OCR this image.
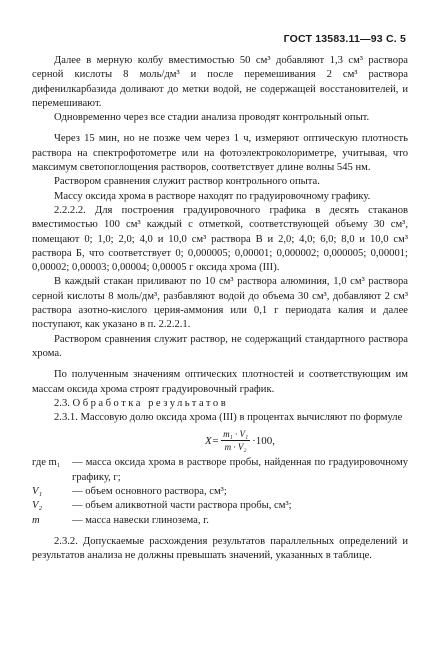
ГОСТ 13583.11—93 С. 5

Далее в мерную колбу вместимостью 50 см³ добавляют 1,3 см³ раствора серной кислоты 8 моль/дм³ и после перемешивания 2 см³ раствора дифенилкарбазида доливают до метки водой, не содержащей восстановителей, и перемешивают.

Одновременно через все стадии анализа проводят контрольный опыт.

Через 15 мин, но не позже чем через 1 ч, измеряют оптическую плотность раствора на спектрофотометре или на фотоэлектроколориметре, учитывая, что максимум светопоглощения растворов, соответствует длине волны 545 нм.

Раствором сравнения служит раствор контрольного опыта.

Массу оксида хрома в растворе находят по градуировочному графику.

2.2.2.2. Для построения градуировочного графика в десять стаканов вместимостью 100 см³ каждый с отметкой, соответствующей объему 30 см³, помещают 0; 1,0; 2,0; 4,0 и 10,0 см³ раствора В и 2,0; 4,0; 6,0; 8,0 и 10,0 см³ раствора Б, что соответствует 0; 0,000005; 0,00001; 0,000002; 0,000005; 0,00001; 0,00002; 0,00003; 0,00004; 0,00005 г оксида хрома (III).

В каждый стакан приливают по 10 см³ раствора алюминия, 1,0 см³ раствора серной кислоты 8 моль/дм³, разбавляют водой до объема 30 см³, добавляют 2 см³ раствора азотно-кислого церия-аммония или 0,1 г периодата калия и далее поступают, как указано в п. 2.2.2.1.

Раствором сравнения служит раствор, не содержащий стандартного раствора хрома.

По полученным значениям оптических плотностей и соответствующим им массам оксида хрома строят градуировочный график.

2.3. Обработка результатов

2.3.1. Массовую долю оксида хрома (III) в процентах вычисляют по формуле

$X= \frac{\text{m₁ · V₁}}{\text{m · V₂}} \cdot 100$,
где m₁	— масса оксида хрома в растворе пробы, найденная по градуировочному графику, г;
V₁	— объем основного раствора, см³;
V₂	— объем аликвотной части раствора пробы, см³;
m	— масса навески глинозема, г.

2.3.2. Допускаемые расхождения результатов параллельных определений и результатов анализа не должны превышать значений, указанных в таблице.
